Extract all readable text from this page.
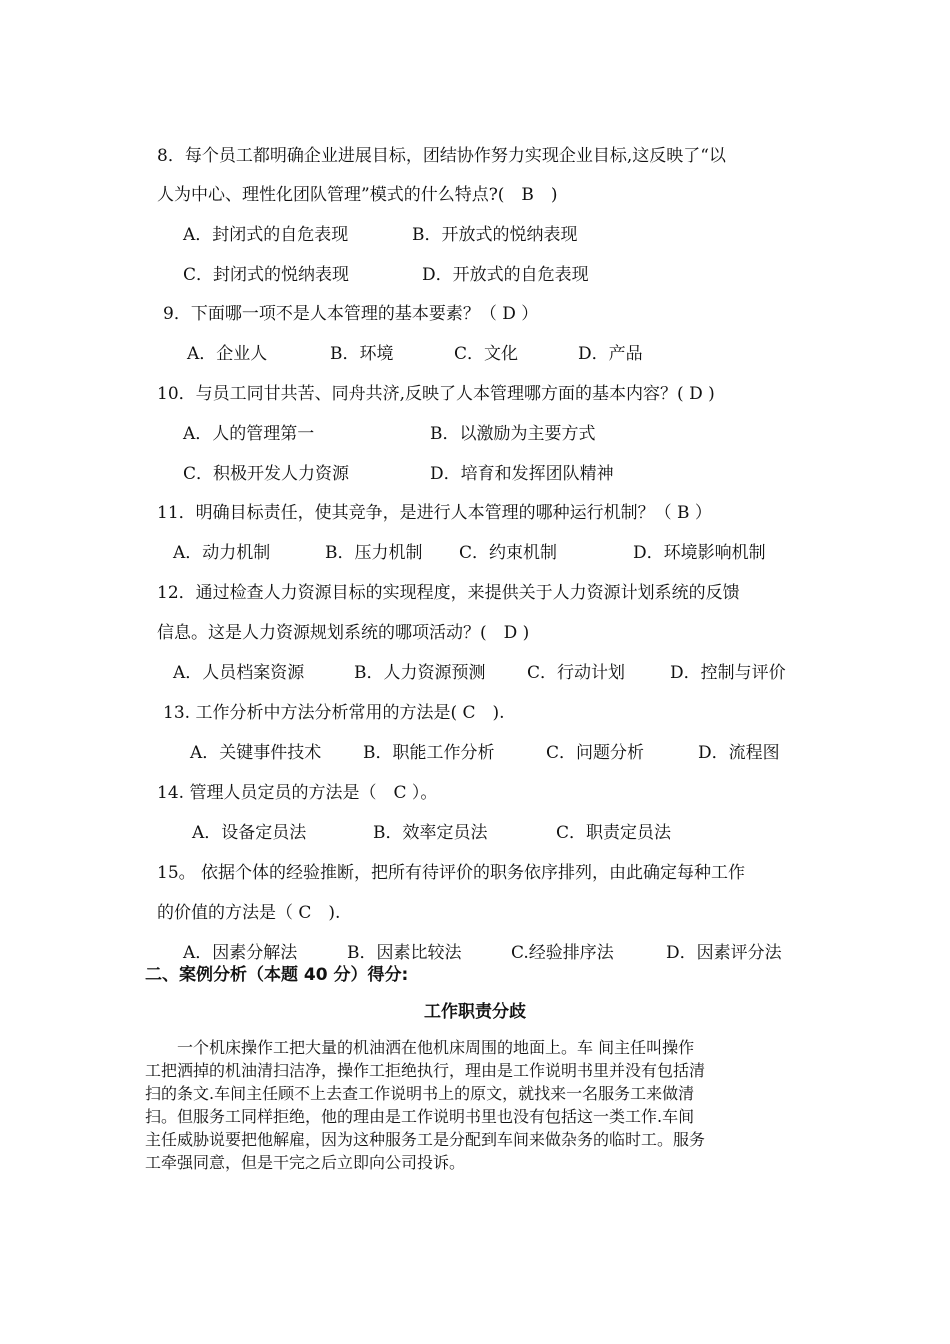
8．每个员工都明确企业进展目标，团结协作努力实现企业目标,这反映了“以
人为中心、理性化团队管理”模式的什么特点?(　B　)
A．封闭式的自危表现	B．开放式的悦纳表现
C．封闭式的悦纳表现	D．开放式的自危表现
9．下面哪一项不是人本管理的基本要素？（ D ）
A．企业人	B．环境	C．文化	D．产品
10．与员工同甘共苦、同舟共济,反映了人本管理哪方面的基本内容？( D )
A．人的管理第一	B．以激励为主要方式
C．积极开发人力资源	D．培育和发挥团队精神
11．明确目标责任，使其竞争，是进行人本管理的哪种运行机制？（ B ）
A．动力机制	B．压力机制 C．约束机制	D．环境影响机制
12．通过检查人力资源目标的实现程度，来提供关于人力资源计划系统的反馈
信息。这是人力资源规划系统的哪项活动？(　D )
A．人员档案资源	B．人力资源预测 C．行动计划	D．控制与评价
13. 工作分析中方法分析常用的方法是( C　).　
A．关键事件技术 B．职能工作分析	C．问题分析	D．流程图
14. 管理人员定员的方法是（　C ）。
A．设备定员法	B．效率定员法	C．职责定员法
15。 依据个体的经验推断，把所有待评价的职务依序排列，由此确定每种工作
的价值的方法是（ C　).
A．因素分解法	B．因素比较法	C.经验排序法	D．因素评分法
二、案例分析（本题 40 分）得分:
工作职责分歧
　　一个机床操作工把大量的机油洒在他机床周围的地面上。车 间主任叫操作
工把洒掉的机油清扫洁净，操作工拒绝执行，理由是工作说明书里并没有包括清
扫的条文.车间主任顾不上去查工作说明书上的原文，就找来一名服务工来做清
扫。但服务工同样拒绝，他的理由是工作说明书里也没有包括这一类工作.车间
主任威胁说要把他解雇，因为这种服务工是分配到车间来做杂务的临时工。服务
工牵强同意，但是干完之后立即向公司投诉。
